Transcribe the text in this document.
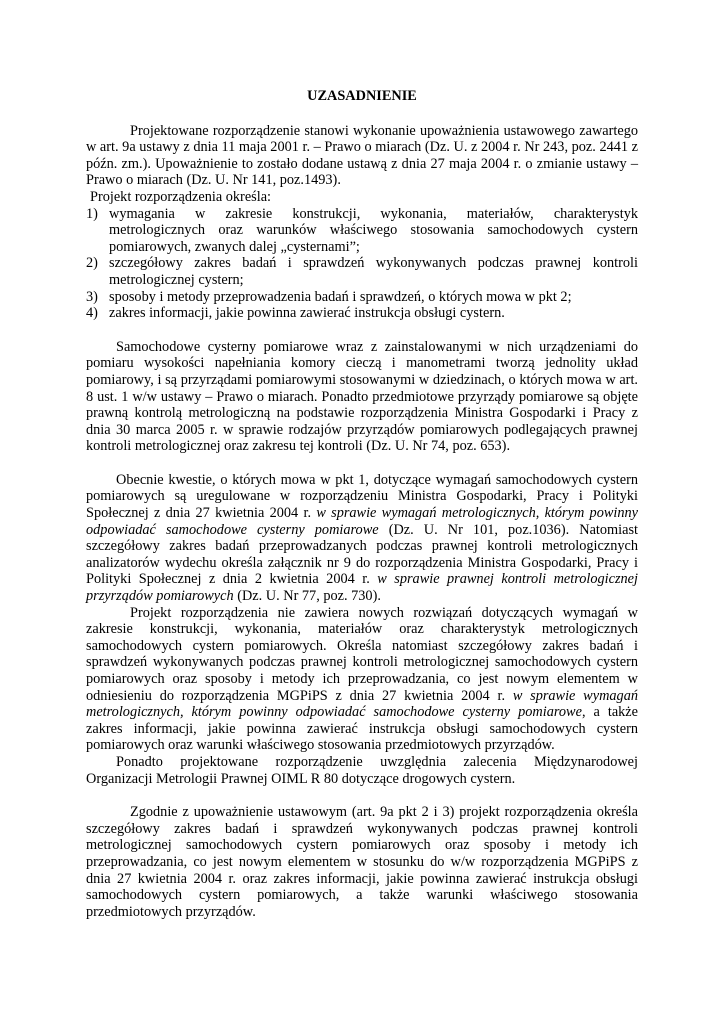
UZASADNIENIE

Projektowane rozporządzenie stanowi wykonanie upoważnienia ustawowego zawartego w art. 9a ustawy z dnia 11 maja 2001 r. – Prawo o miarach (Dz. U. z 2004 r. Nr 243, poz. 2441 z późn. zm.). Upoważnienie to zostało dodane ustawą z dnia 27 maja 2004 r. o zmianie ustawy – Prawo o miarach (Dz. U. Nr 141, poz.1493).

Projekt rozporządzenia określa:

1) wymagania w zakresie konstrukcji, wykonania, materiałów, charakterystyk metrologicznych oraz warunków właściwego stosowania samochodowych cystern pomiarowych, zwanych dalej „cysternami”;
2) szczegółowy zakres badań i sprawdzeń wykonywanych podczas prawnej kontroli metrologicznej cystern;
3) sposoby i metody przeprowadzenia badań i sprawdzeń, o których mowa w pkt 2;
4) zakres informacji, jakie powinna zawierać instrukcja obsługi cystern.

Samochodowe cysterny pomiarowe wraz z zainstalowanymi w nich urządzeniami do pomiaru wysokości napełniania komory cieczą i manometrami tworzą jednolity układ pomiarowy, i są przyrządami pomiarowymi stosowanymi w dziedzinach, o których mowa w art. 8 ust. 1 w/w ustawy – Prawo o miarach. Ponadto przedmiotowe przyrządy pomiarowe są objęte prawną kontrolą metrologiczną na podstawie rozporządzenia Ministra Gospodarki i Pracy z dnia 30 marca 2005 r. w sprawie rodzajów przyrządów pomiarowych podlegających prawnej kontroli metrologicznej oraz zakresu tej kontroli (Dz. U. Nr 74, poz. 653).

Obecnie kwestie, o których mowa w pkt 1, dotyczące wymagań samochodowych cystern pomiarowych są uregulowane w rozporządzeniu Ministra Gospodarki, Pracy i Polityki Społecznej z dnia 27 kwietnia 2004 r. w sprawie wymagań metrologicznych, którym powinny odpowiadać samochodowe cysterny pomiarowe (Dz. U. Nr 101, poz.1036). Natomiast szczegółowy zakres badań przeprowadzanych podczas prawnej kontroli metrologicznych analizatorów wydechu określa załącznik nr 9 do rozporządzenia Ministra Gospodarki, Pracy i Polityki Społecznej z dnia 2 kwietnia 2004 r. w sprawie prawnej kontroli metrologicznej przyrządów pomiarowych (Dz. U. Nr 77, poz. 730).

Projekt rozporządzenia nie zawiera nowych rozwiązań dotyczących wymagań w zakresie konstrukcji, wykonania, materiałów oraz charakterystyk metrologicznych samochodowych cystern pomiarowych. Określa natomiast szczegółowy zakres badań i sprawdzeń wykonywanych podczas prawnej kontroli metrologicznej samochodowych cystern pomiarowych oraz sposoby i metody ich przeprowadzania, co jest nowym elementem w odniesieniu do rozporządzenia MGPiPS z dnia 27 kwietnia 2004 r. w sprawie wymagań metrologicznych, którym powinny odpowiadać samochodowe cysterny pomiarowe, a także zakres informacji, jakie powinna zawierać instrukcja obsługi samochodowych cystern pomiarowych oraz warunki właściwego stosowania przedmiotowych przyrządów.

Ponadto projektowane rozporządzenie uwzględnia zalecenia Międzynarodowej Organizacji Metrologii Prawnej OIML R 80 dotyczące drogowych cystern.

Zgodnie z upoważnienie ustawowym (art. 9a pkt 2 i 3) projekt rozporządzenia określa szczegółowy zakres badań i sprawdzeń wykonywanych podczas prawnej kontroli metrologicznej samochodowych cystern pomiarowych oraz sposoby i metody ich przeprowadzania, co jest nowym elementem w stosunku do w/w rozporządzenia MGPiPS z dnia 27 kwietnia 2004 r. oraz zakres informacji, jakie powinna zawierać instrukcja obsługi samochodowych cystern pomiarowych, a także warunki właściwego stosowania przedmiotowych przyrządów.
